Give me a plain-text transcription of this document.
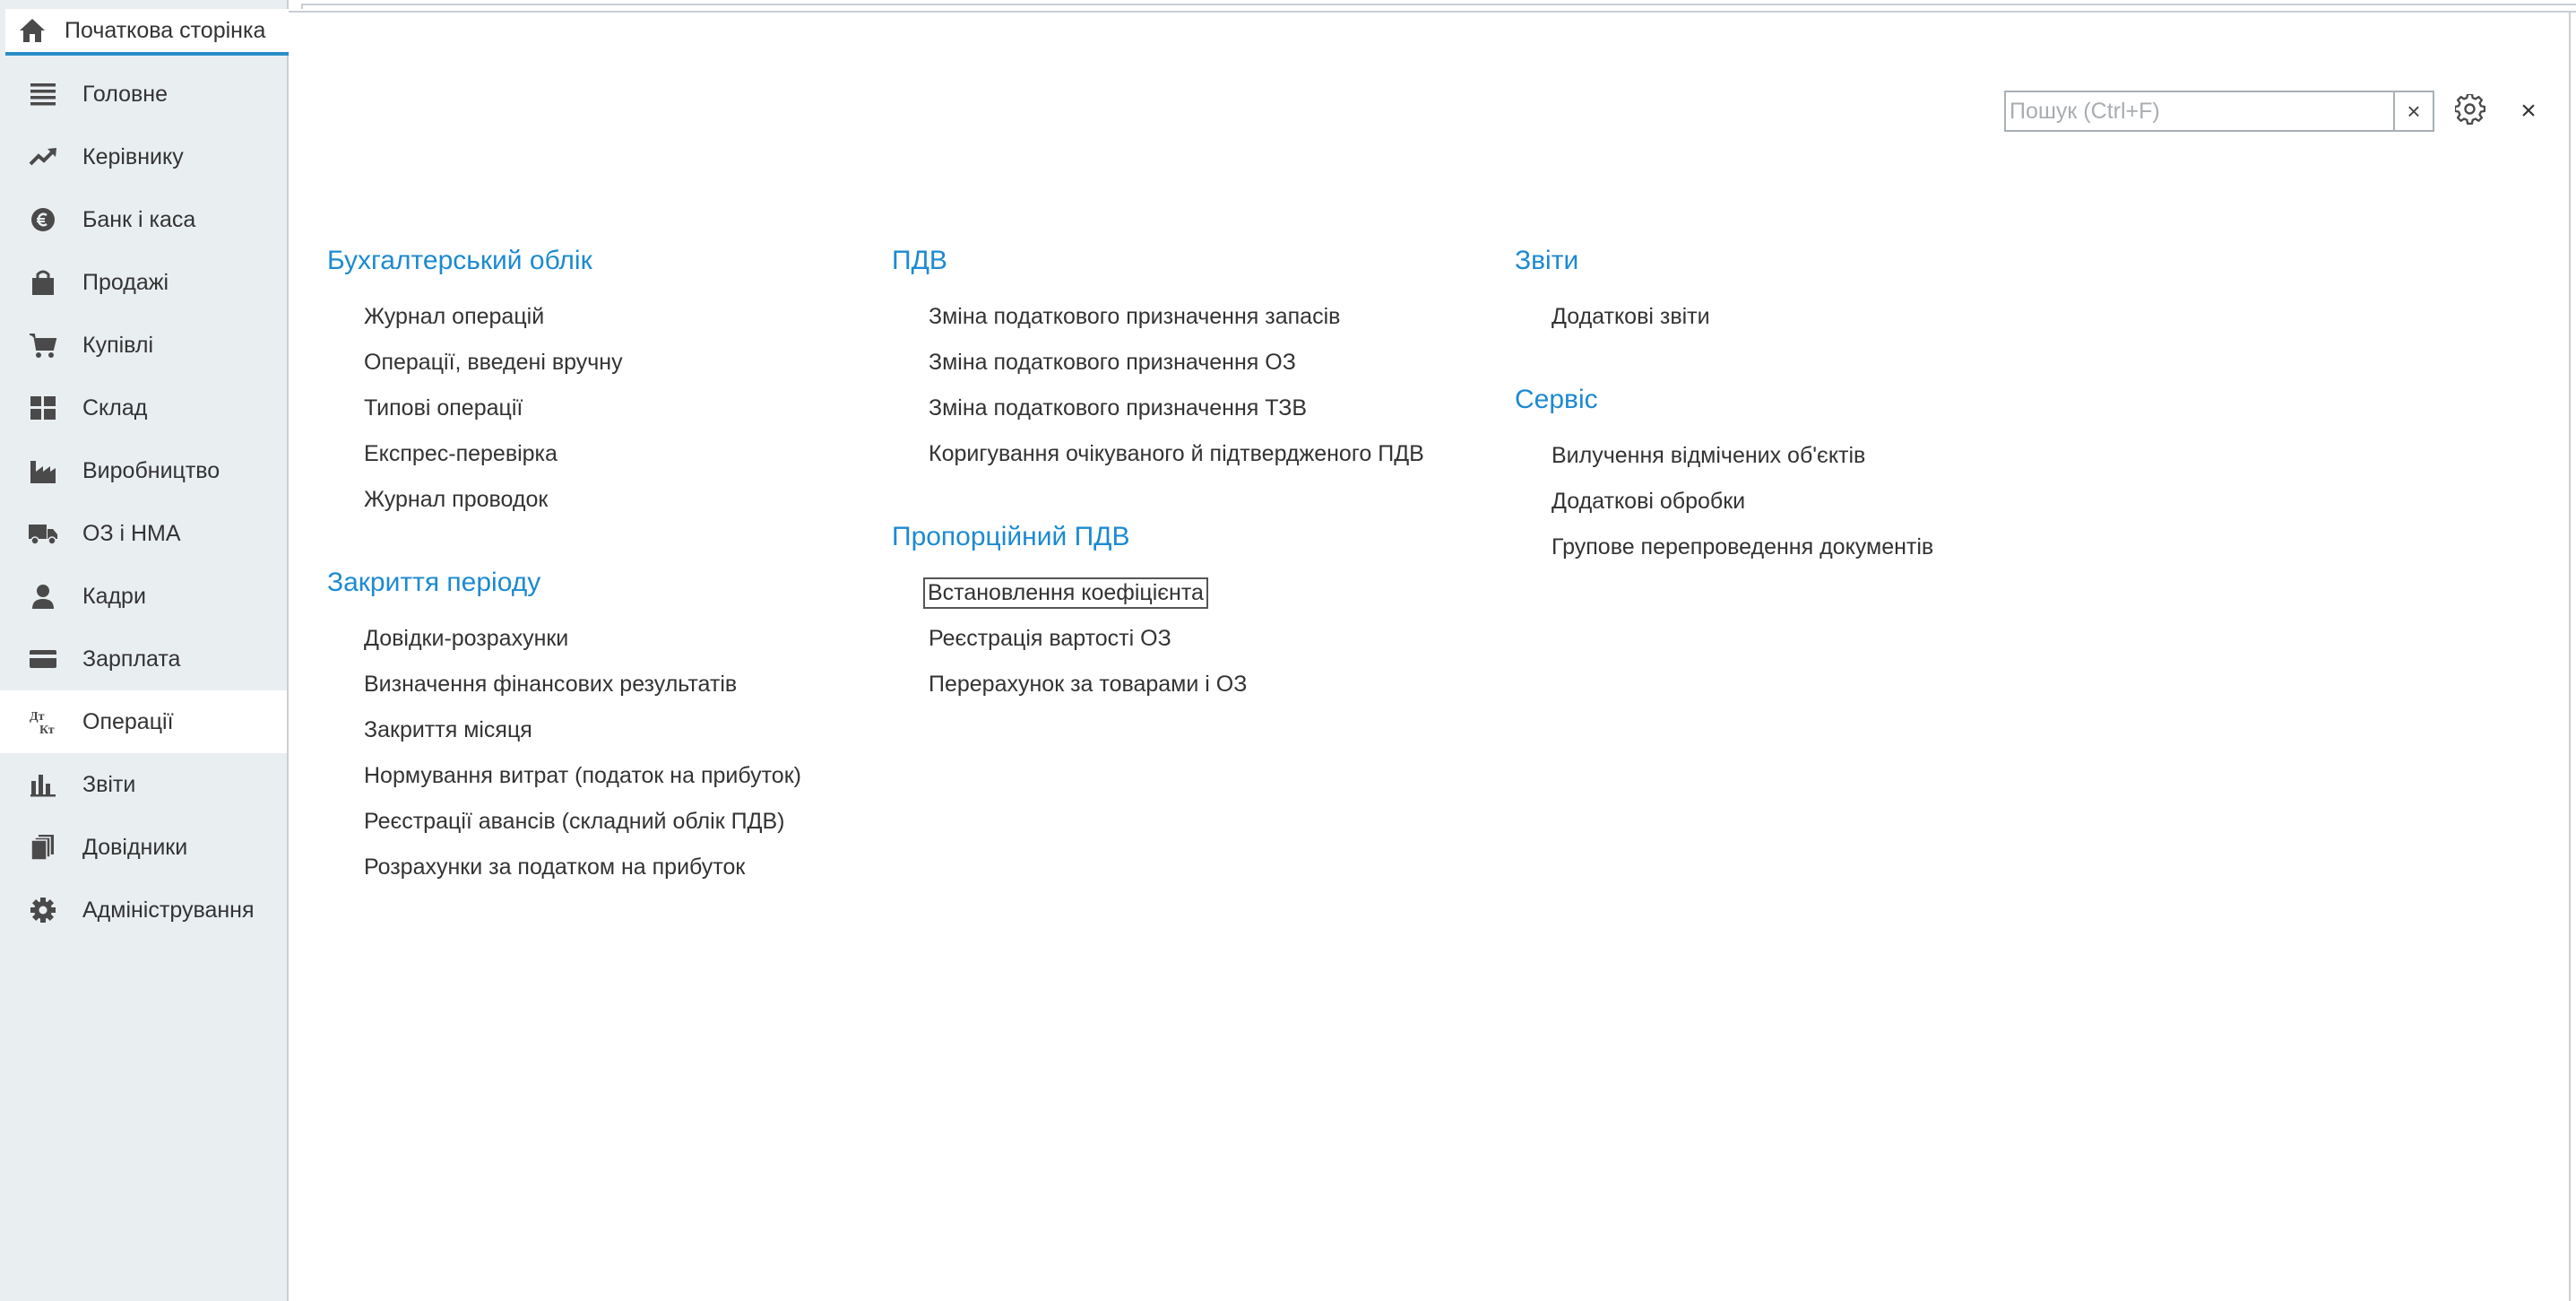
Початкова сторінка
Головне
Керівнику
Банк і каса
Продажі
Купівлі
Склад
Виробництво
ОЗ і НМА
Кадри
Зарплата
Дт
Кт Операції
Звіти
Довідники
Адміністрування
Пошук (Ctrl+F)
×	×
Бухгалтерський облік
Журнал операцій
Операції, введені вручну
Типові операції
Експрес-перевірка
Журнал проводок
Закриття періоду
Довідки-розрахунки
Визначення фінансових результатів
Закриття місяця
Нормування витрат (податок на прибуток)
Реєстрації авансів (складний облік ПДВ)
Розрахунки за податком на прибуток
ПДВ
Зміна податкового призначення запасів
Зміна податкового призначення ОЗ
Зміна податкового призначення ТЗВ
Коригування очікуваного й підтвердженого ПДВ
Пропорційний ПДВ
Встановлення коефіцієнта
Реєстрація вартості ОЗ
Перерахунок за товарами і ОЗ
Звіти
Додаткові звіти
Сервіс
Вилучення відмічених об'єктів
Додаткові обробки
Групове перепроведення документів
